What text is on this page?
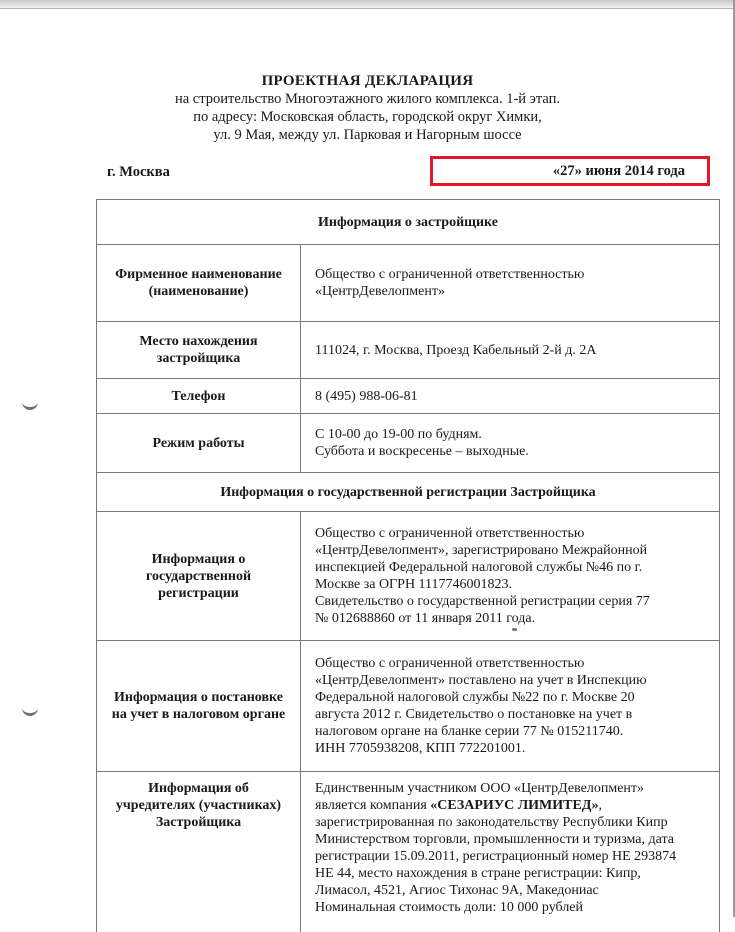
ПРОЕКТНАЯ ДЕКЛАРАЦИЯ
на строительство Многоэтажного жилого комплекса. 1-й этап.
по адресу: Московская область, городской округ Химки,
ул. 9 Мая, между ул. Парковая и Нагорным шоссе
г. Москва	«27» июня 2014 года
Информация о застройщике
Фирменное наименование (наименование)
Общество с ограниченной ответственностью
«ЦентрДевелопмент»
Место нахождения застройщика
111024, г. Москва, Проезд Кабельный 2-й д. 2А
Телефон	8 (495) 988-06-81
Режим работы
С 10-00 до 19-00 по будням.
Суббота и воскресенье – выходные.
Информация о государственной регистрации Застройщика
Информация о государственной регистрации
Общество с ограниченной ответственностью
«ЦентрДевелопмент», зарегистрировано Межрайонной
инспекцией Федеральной налоговой службы №46 по г.
Москве за ОГРН 1117746001823.
Свидетельство о государственной регистрации серия 77
№ 012688860 от 11 января 2011 года.
Информация о постановке на учет в налоговом органе
Общество с ограниченной ответственностью
«ЦентрДевелопмент» поставлено на учет в Инспекцию
Федеральной налоговой службы №22 по г. Москве 20
августа 2012 г. Свидетельство о постановке на учет в
налоговом органе на бланке серии 77 № 015211740.
ИНН 7705938208, КПП 772201001.
Информация об учредителях (участниках) Застройщика
Единственным участником ООО «ЦентрДевелопмент»
является компания «СЕЗАРИУС ЛИМИТЕД»,
зарегистрированная по законодательству Республики Кипр
Министерством торговли, промышленности и туризма, дата
регистрации 15.09.2011, регистрационный номер НЕ 293874
НЕ 44, место нахождения в стране регистрации: Кипр,
Лимасол, 4521, Агиос Тихонас 9А, Македониас
Номинальная стоимость доли: 10 000 рублей
